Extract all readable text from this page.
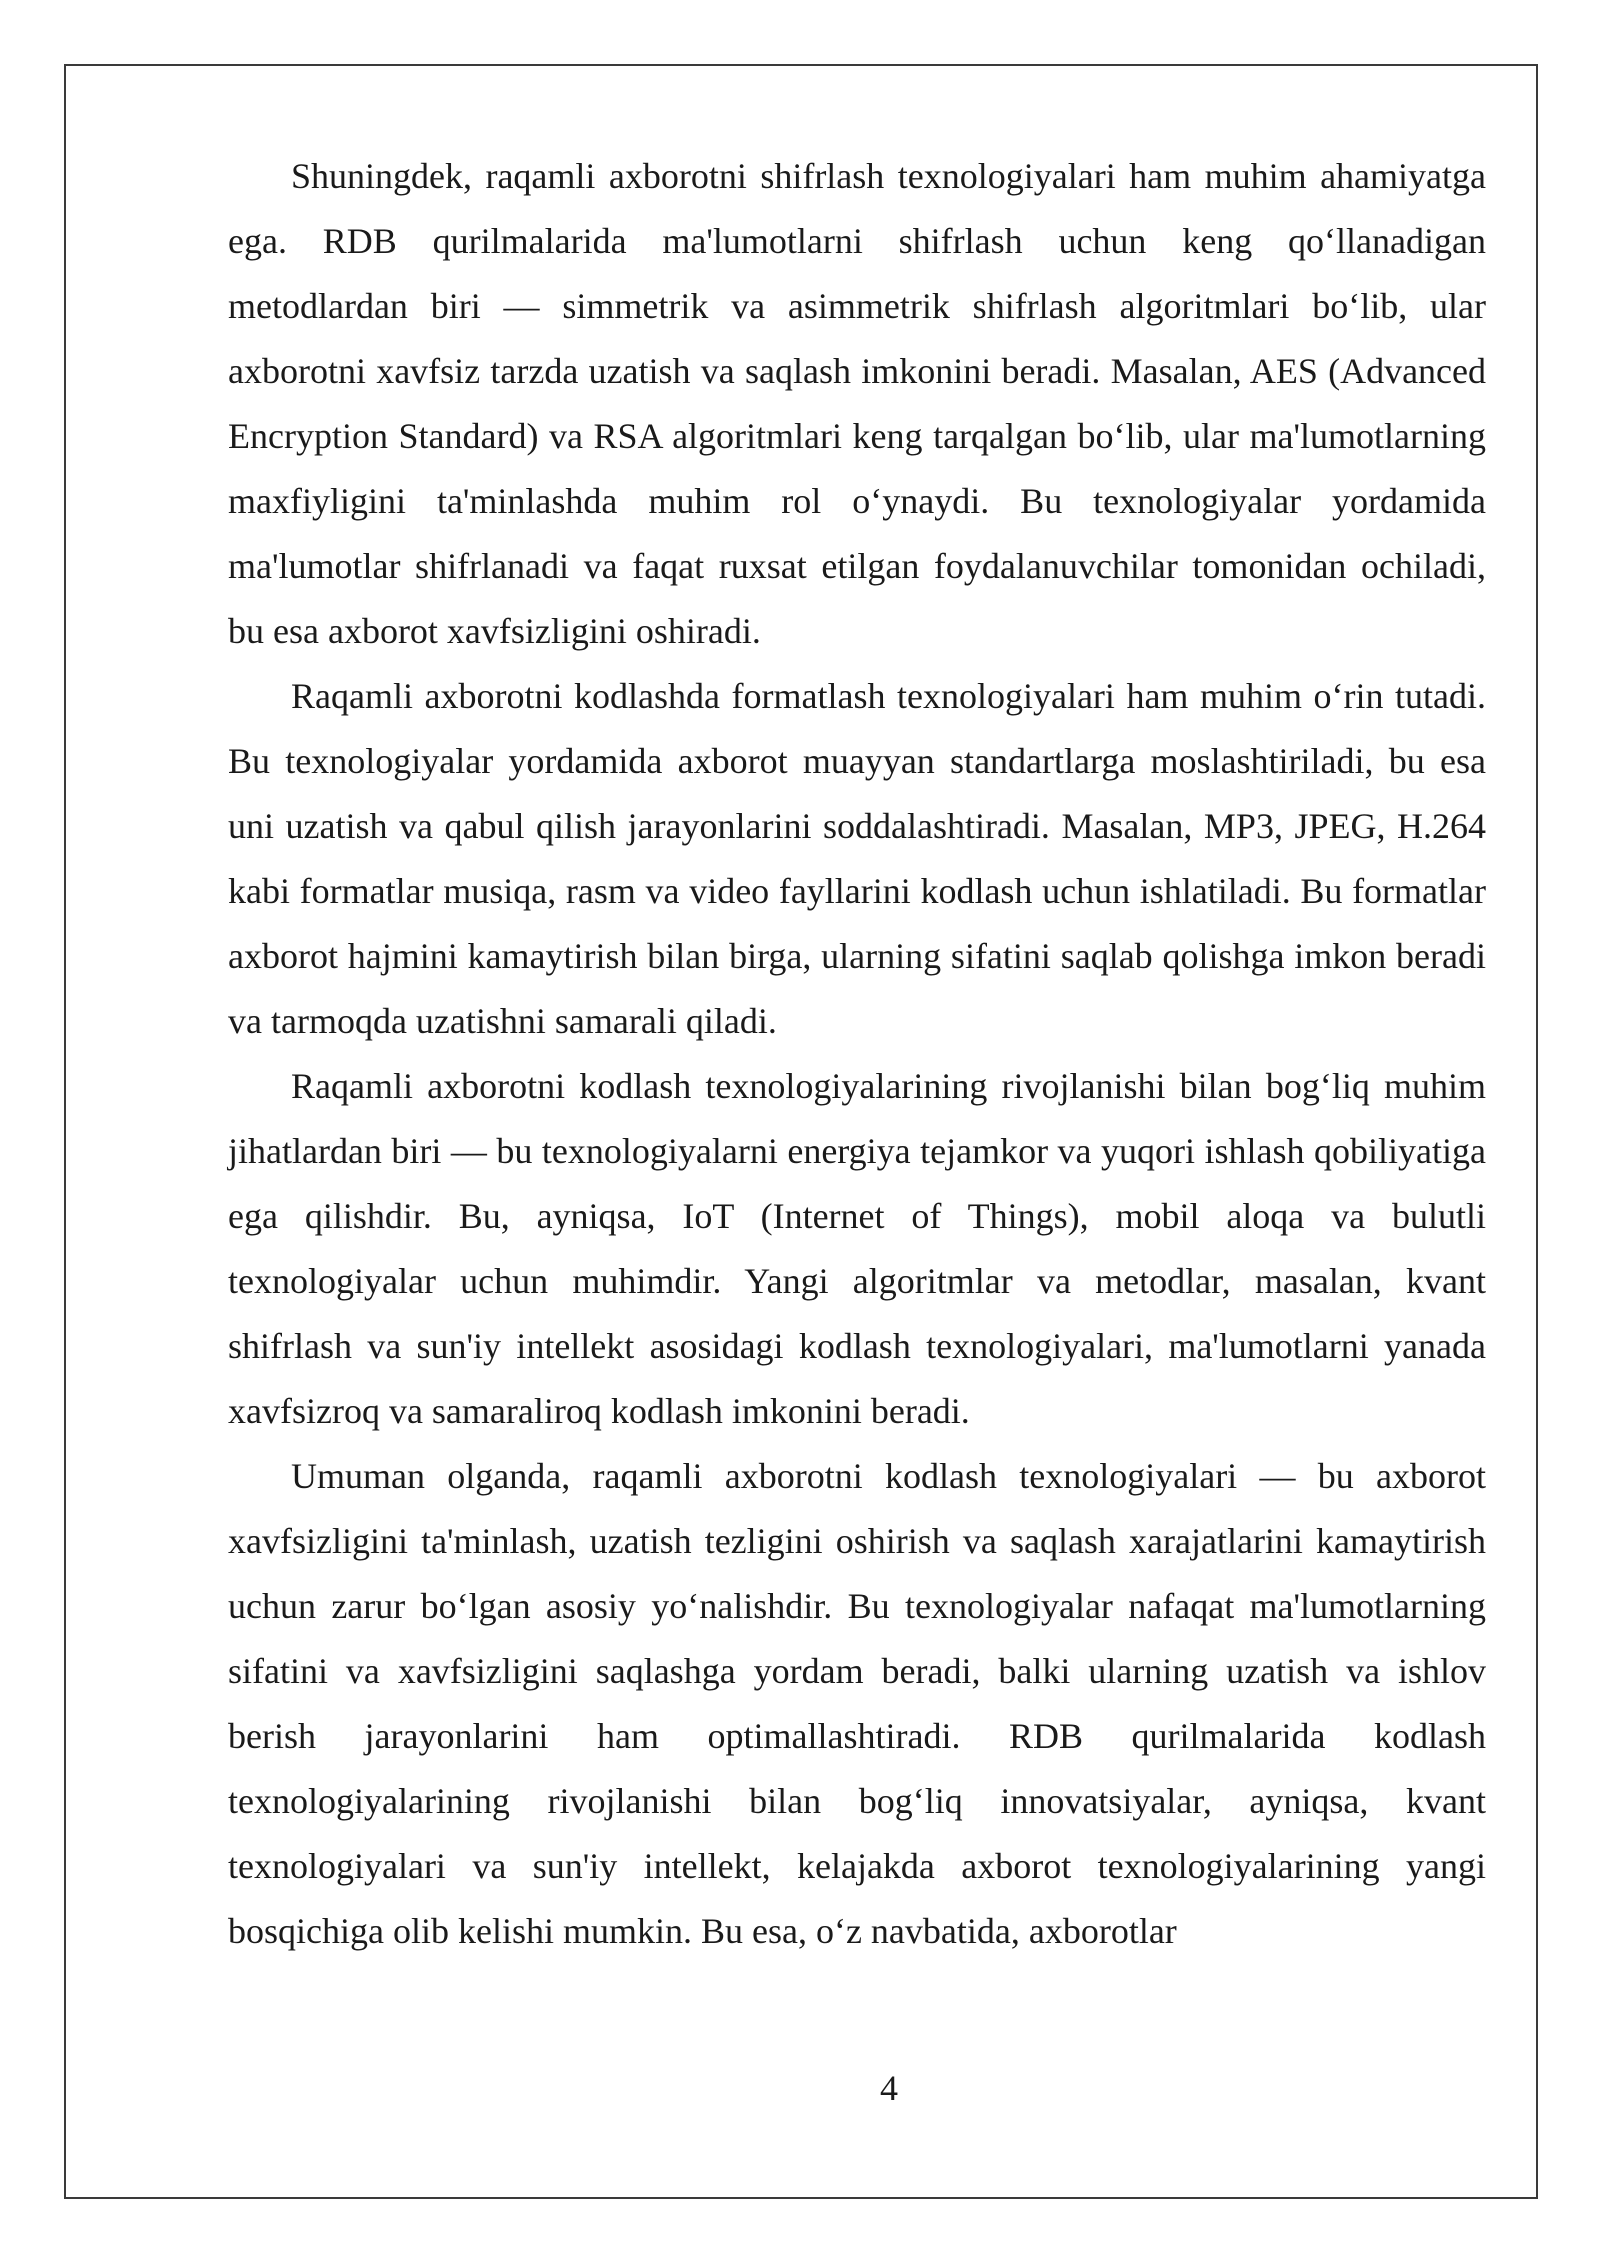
Shuningdek, raqamli axborotni shifrlash texnologiyalari ham muhim ahamiyatga ega. RDB qurilmalarida ma'lumotlarni shifrlash uchun keng qo‘llanadigan metodlardan biri — simmetrik va asimmetrik shifrlash algoritmlari bo‘lib, ular axborotni xavfsiz tarzda uzatish va saqlash imkonini beradi. Masalan, AES (Advanced Encryption Standard) va RSA algoritmlari keng tarqalgan bo‘lib, ular ma'lumotlarning maxfiyligini ta'minlashda muhim rol o‘ynaydi. Bu texnologiyalar yordamida ma'lumotlar shifrlanadi va faqat ruxsat etilgan foydalanuvchilar tomonidan ochiladi, bu esa axborot xavfsizligini oshiradi.

Raqamli axborotni kodlashda formatlash texnologiyalari ham muhim o‘rin tutadi. Bu texnologiyalar yordamida axborot muayyan standartlarga moslashtiriladi, bu esa uni uzatish va qabul qilish jarayonlarini soddalashtiradi. Masalan, MP3, JPEG, H.264 kabi formatlar musiqa, rasm va video fayllarini kodlash uchun ishlatiladi. Bu formatlar axborot hajmini kamaytirish bilan birga, ularning sifatini saqlab qolishga imkon beradi va tarmoqda uzatishni samarali qiladi.

Raqamli axborotni kodlash texnologiyalarining rivojlanishi bilan bog‘liq muhim jihatlardan biri — bu texnologiyalarni energiya tejamkor va yuqori ishlash qobiliyatiga ega qilishdir. Bu, ayniqsa, IoT (Internet of Things), mobil aloqa va bulutli texnologiyalar uchun muhimdir. Yangi algoritmlar va metodlar, masalan, kvant shifrlash va sun'iy intellekt asosidagi kodlash texnologiyalari, ma'lumotlarni yanada xavfsizroq va samaraliroq kodlash imkonini beradi.

Umuman olganda, raqamli axborotni kodlash texnologiyalari — bu axborot xavfsizligini ta'minlash, uzatish tezligini oshirish va saqlash xarajatlarini kamaytirish uchun zarur bo‘lgan asosiy yo‘nalishdir. Bu texnologiyalar nafaqat ma'lumotlarning sifatini va xavfsizligini saqlashga yordam beradi, balki ularning uzatish va ishlov berish jarayonlarini ham optimallashtiradi. RDB qurilmalarida kodlash texnologiyalarining rivojlanishi bilan bog‘liq innovatsiyalar, ayniqsa, kvant texnologiyalari va sun'iy intellekt, kelajakda axborot texnologiyalarining yangi bosqichiga olib kelishi mumkin. Bu esa, o‘z navbatida, axborotlar

4
